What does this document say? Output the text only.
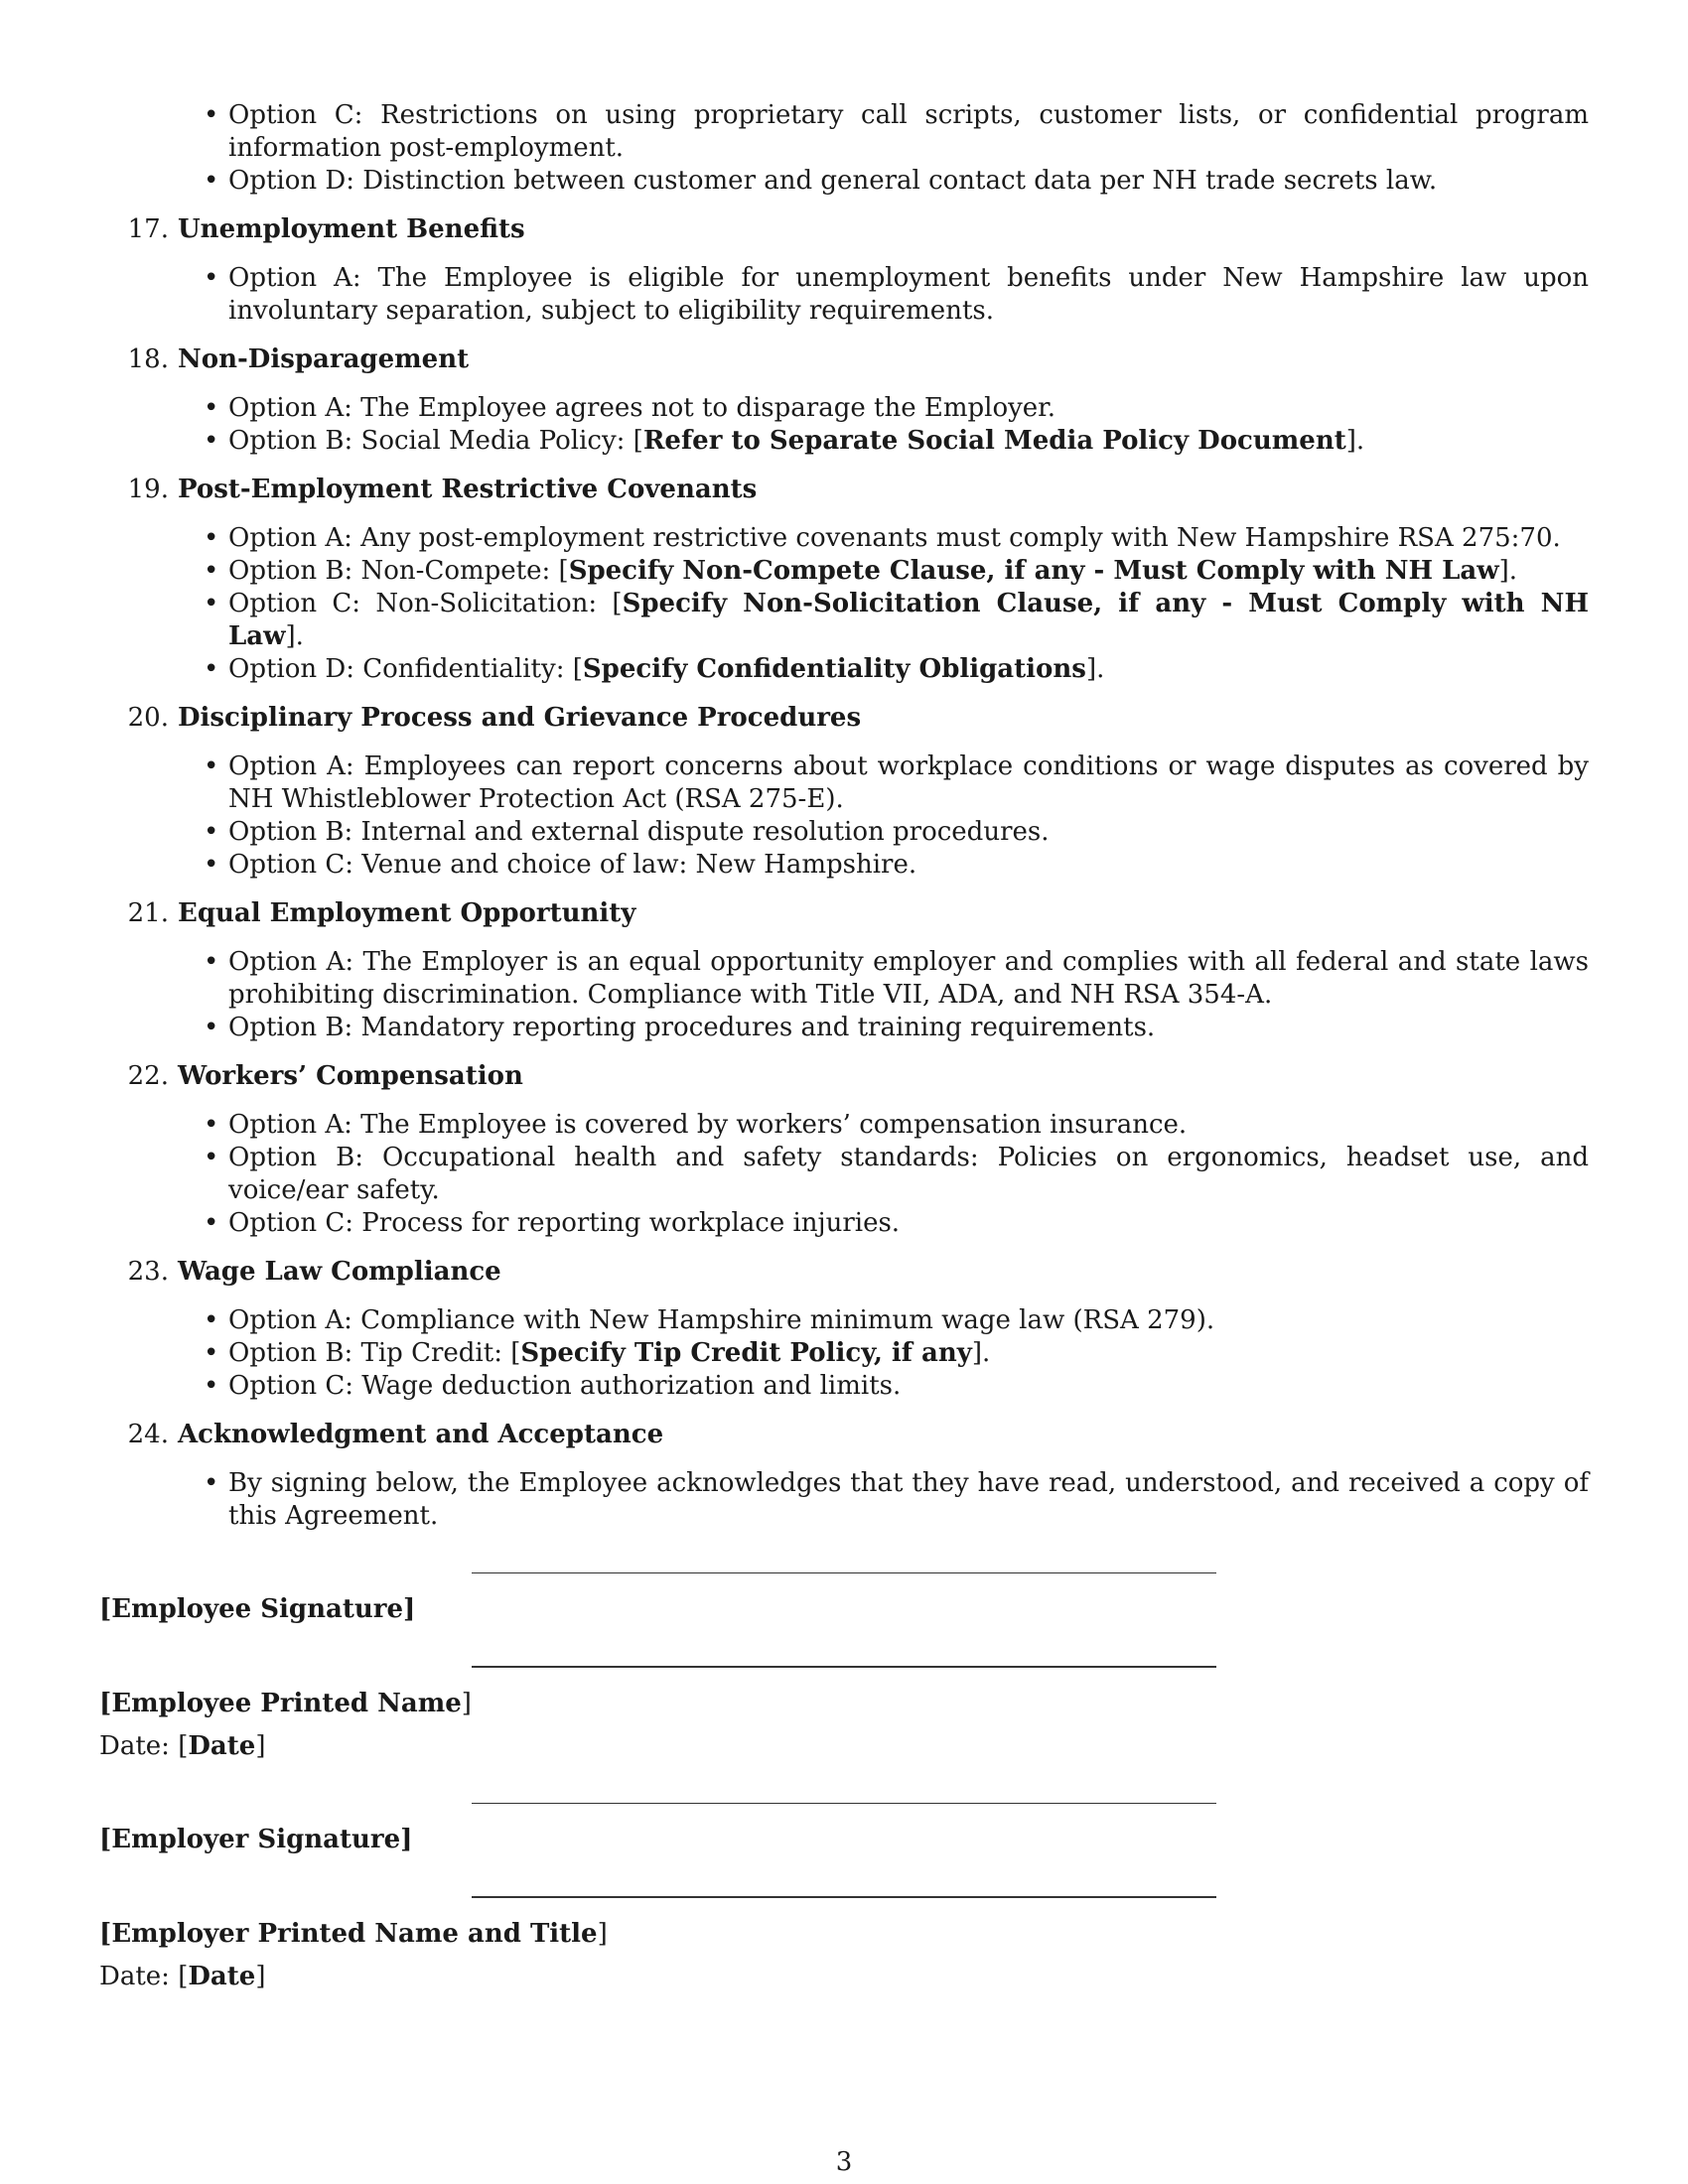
• Option C: Restrictions on using proprietary call scripts, customer lists, or confidential program information post-employment.
• Option D: Distinction between customer and general contact data per NH trade secrets law.
17. Unemployment Benefits
• Option A: The Employee is eligible for unemployment benefits under New Hampshire law upon involuntary separation, subject to eligibility requirements.
18. Non-Disparagement
• Option A: The Employee agrees not to disparage the Employer.
• Option B: Social Media Policy: [Refer to Separate Social Media Policy Document].
19. Post-Employment Restrictive Covenants
• Option A: Any post-employment restrictive covenants must comply with New Hampshire RSA 275:70.
• Option B: Non-Compete: [Specify Non-Compete Clause, if any - Must Comply with NH Law].
• Option C: Non-Solicitation: [Specify Non-Solicitation Clause, if any - Must Comply with NH Law].
• Option D: Confidentiality: [Specify Confidentiality Obligations].
20. Disciplinary Process and Grievance Procedures
• Option A: Employees can report concerns about workplace conditions or wage disputes as covered by NH Whistleblower Protection Act (RSA 275-E).
• Option B: Internal and external dispute resolution procedures.
• Option C: Venue and choice of law: New Hampshire.
21. Equal Employment Opportunity
• Option A: The Employer is an equal opportunity employer and complies with all federal and state laws prohibiting discrimination. Compliance with Title VII, ADA, and NH RSA 354-A.
• Option B: Mandatory reporting procedures and training requirements.
22. Workers’ Compensation
• Option A: The Employee is covered by workers’ compensation insurance.
• Option B: Occupational health and safety standards: Policies on ergonomics, headset use, and voice/ear safety.
• Option C: Process for reporting workplace injuries.
23. Wage Law Compliance
• Option A: Compliance with New Hampshire minimum wage law (RSA 279).
• Option B: Tip Credit: [Specify Tip Credit Policy, if any].
• Option C: Wage deduction authorization and limits.
24. Acknowledgment and Acceptance
• By signing below, the Employee acknowledges that they have read, understood, and received a copy of this Agreement.
[Employee Signature]
[Employee Printed Name]
Date: [Date]
[Employer Signature]
[Employer Printed Name and Title]
Date: [Date]
3
